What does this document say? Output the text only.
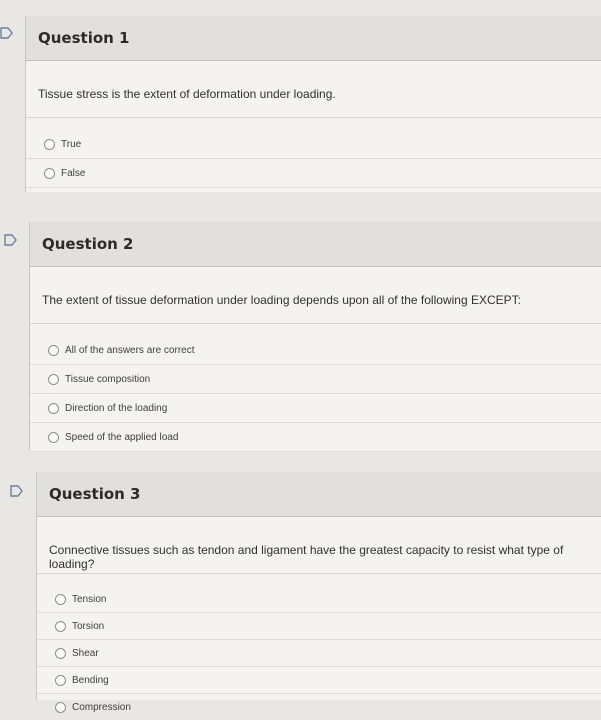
Question 1
Tissue stress is the extent of deformation under loading.
True
False
Question 2
The extent of tissue deformation under loading depends upon all of the following EXCEPT:
All of the answers are correct
Tissue composition
Direction of the loading
Speed of the applied load
Question 3
Connective tissues such as tendon and ligament have the greatest capacity to resist what type of loading?
Tension
Torsion
Shear
Bending
Compression
